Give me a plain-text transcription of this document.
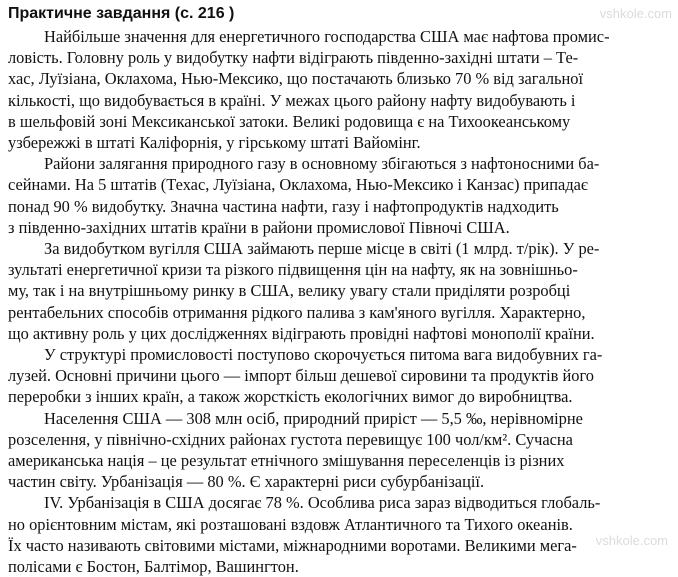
Практичне завдання (с. 216 )
Найбільше значення для енергетичного господарства США має нафтова промис-
ловість. Головну роль у видобутку нафти відіграють південно-західні штати – Те-
хас, Луїзіана, Оклахома, Нью-Мексико, що постачають близько 70 % від загальної
кількості, що видобувається в країні. У межах цього району нафту видобувають і
в шельфовій зоні Мексиканської затоки. Великі родовища є на Тихоокеанському
узбережжі в штаті Каліфорнія, у гірському штаті Вайомінг.
Райони залягання природного газу в основному збігаються з нафтоносними ба-
сейнами. На 5 штатів (Техас, Луїзіана, Оклахома, Нью-Мексико і Канзас) припадає
понад 90 % видобутку. Значна частина нафти, газу і нафтопродуктів надходить
з південно-західних штатів країни в райони промислової Півночі США.
За видобутком вугілля США займають перше місце в світі (1 млрд. т/рік). У ре-
зультаті енергетичної кризи та різкого підвищення цін на нафту, як на зовнішньо-
му, так і на внутрішньому ринку в США, велику увагу стали приділяти розробці
рентабельних способів отримання рідкого палива з кам'яного вугілля. Характерно,
що активну роль у цих дослідженнях відіграють провідні нафтові монополії країни.
У структурі промисловості поступово скорочується питома вага видобувних га-
лузей. Основні причини цього — імпорт більш дешевої сировини та продуктів його
переробки з інших країн, а також жорсткість екологічних вимог до виробництва.
Населення США — 308 млн осіб, природний приріст — 5,5 ‰, нерівномірне
розселення, у північно-східних районах густота перевищує 100 чол/км². Сучасна
американська нація – це результат етнічного змішування переселенців із різних
частин світу. Урбанізація — 80 %. Є характерні риси субурбанізації.
IV. Урбанізація в США досягає 78 %. Особлива риса зараз відводиться глобаль-
но орієнтовним містам, які розташовані вздовж Атлантичного та Тихого океанів.
Їх часто називають світовими містами, міжнародними воротами. Великими мега-
полісами є Бостон, Балтімор, Вашингтон.
vshkole.com
vshkole.com
